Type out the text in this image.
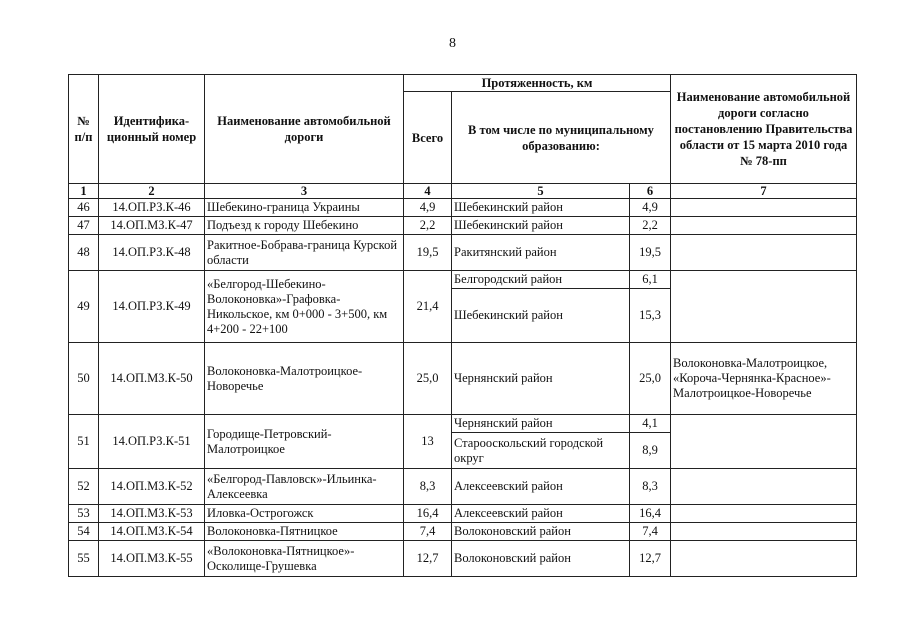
8
№ п/п	Идентифика-ционный номер	Наименование автомобильной дороги	Протяженность, км			Наименование автомобильной дороги согласно постановлению Правительства области от 15 марта 2010 года № 78-пп
			Всего	В том числе по муниципальному образованию:		
1	2	3	4	5	6	7
46	14.ОП.РЗ.К-46	Шебекино-граница Украины	4,9	Шебекинский район	4,9	
47	14.ОП.МЗ.К-47	Подъезд к городу Шебекино	2,2	Шебекинский район	2,2	
48	14.ОП.РЗ.К-48	Ракитное-Бобрава-граница Курской области	19,5	Ракитянский район	19,5	
49	14.ОП.РЗ.К-49	«Белгород-Шебекино-Волоконовка»-Графовка-Никольское, км 0+000 - 3+500, км 4+200 - 22+100	21,4	Белгородский район	6,1	
				Шебекинский район	15,3	
50	14.ОП.МЗ.К-50	Волоконовка-Малотроицкое-Новоречье	25,0	Чернянский район	25,0	Волоконовка-Малотроицкое, «Короча-Чернянка-Красное»-Малотроицкое-Новоречье
51	14.ОП.РЗ.К-51	Городище-Петровский-Малотроицкое	13	Чернянский район	4,1	
				Старооскольский городской округ	8,9	
52	14.ОП.МЗ.К-52	«Белгород-Павловск»-Ильинка-Алексеевка	8,3	Алексеевский район	8,3	
53	14.ОП.МЗ.К-53	Иловка-Острогожск	16,4	Алексеевский район	16,4	
54	14.ОП.МЗ.К-54	Волоконовка-Пятницкое	7,4	Волоконовский район	7,4	
55	14.ОП.МЗ.К-55	«Волоконовка-Пятницкое»-Осколище-Грушевка	12,7	Волоконовский район	12,7	
